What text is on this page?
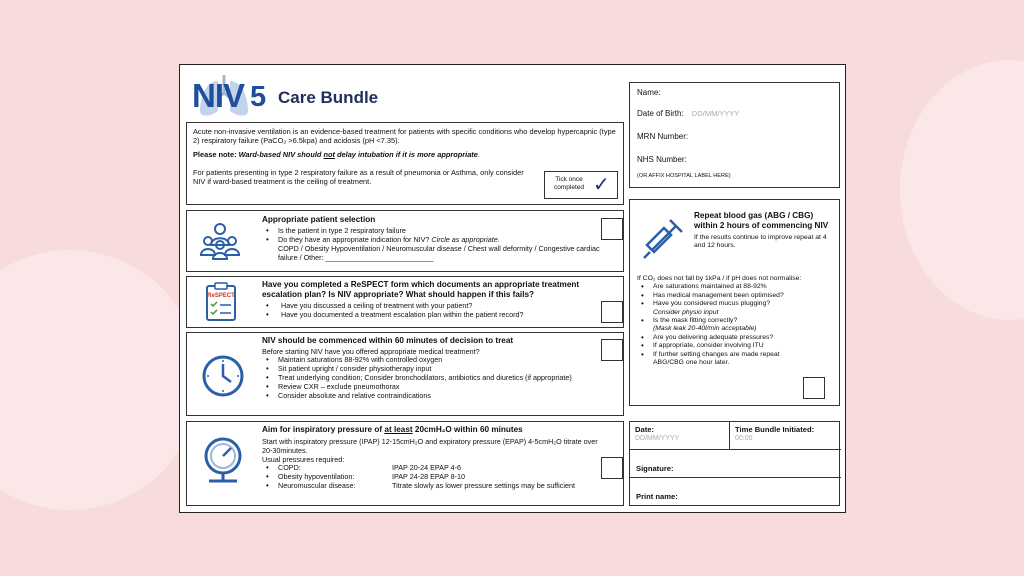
NIV 5 Care Bundle	Name:
Date of Birth: DD/MM/YYYY
MRN Number:
NHS Number:
(OR AFFIX HOSPITAL LABEL HERE)
Acute non-invasive ventilation is an evidence-based treatment for patients with specific conditions who develop hypercapnic (type 2) respiratory failure (PaCO₂ >6.5kpa) and acidosis (pH <7.35).
Please note: Ward-based NIV should not delay intubation if it is more appropriate.
For patients presenting in type 2 respiratory failure as a result of pneumonia or Asthma, only consider NIV if ward-based treatment is the ceiling of treatment.	Tick once completed ✓
Appropriate patient selection
• Is the patient in type 2 respiratory failure
• Do they have an appropriate indication for NIV? Circle as appropriate.
COPD / Obesity Hypoventilation / Neuromuscular disease / Chest wall deformity / Congestive cardiac failure / Other: ___________________________
ReSPECT
Have you completed a ReSPECT form which documents an appropriate treatment escalation plan? Is NIV appropriate? What should happen if this fails?
• Have you discussed a ceiling of treatment with your patient?
• Have you documented a treatment escalation plan within the patient record?
NIV should be commenced within 60 minutes of decision to treat
Before starting NIV have you offered appropriate medical treatment?
• Maintain saturations 88-92% with controlled oxygen
• Sit patient upright / consider physiotherapy input
• Treat underlying condition; Consider bronchodilators, antibiotics and diuretics (if appropriate)
• Review CXR – exclude pneumothorax
• Consider absolute and relative contraindications
Aim for inspiratory pressure of at least 20cmH₂O within 60 minutes
Start with inspiratory pressure (IPAP) 12-15cmH₂O and expiratory pressure (EPAP) 4-5cmH₂O titrate over 20-30minutes.
Usual pressures required:
• COPD:	IPAP 20-24 EPAP 4-6
• Obesity hypoventilation:	IPAP 24-28 EPAP 8-10
• Neuromuscular disease:	Titrate slowly as lower pressure settings may be sufficient
Repeat blood gas (ABG / CBG) within 2 hours of commencing NIV
If the results continue to improve repeat at 4 and 12 hours.
If CO₂ does not fall by 1kPa / if pH does not normalise:
• Are saturations maintained at 88-92%
• Has medical management been optimised?
• Have you considered mucus plugging?
Consider physio input
• Is the mask fitting correctly?
(Mask leak 20-40l/min acceptable)
• Are you delivering adequate pressures?
• If appropriate, consider involving ITU
• If further setting changes are made repeat ABG/CBG one hour later.
Date:
DD/MM/YYYY
Time Bundle Initiated:
00:00
Signature:
Print name:
